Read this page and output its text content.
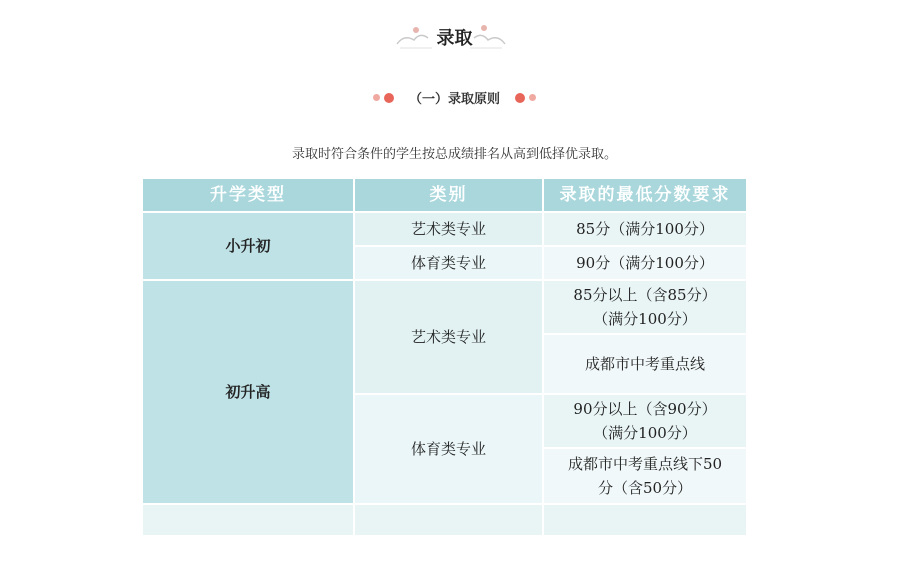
录取
（一）录取原则
录取时符合条件的学生按总成绩排名从高到低择优录取。
升学类型	类别	录取的最低分数要求
小升初	艺术类专业	85分（满分100分）
	体育类专业	90分（满分100分）
初升高	艺术类专业	85分以上（含85分）
（满分100分）

		成都市中考重点线
	体育类专业	90分以上（含90分）
（满分100分）

		成都市中考重点线下50
分（含50分）
